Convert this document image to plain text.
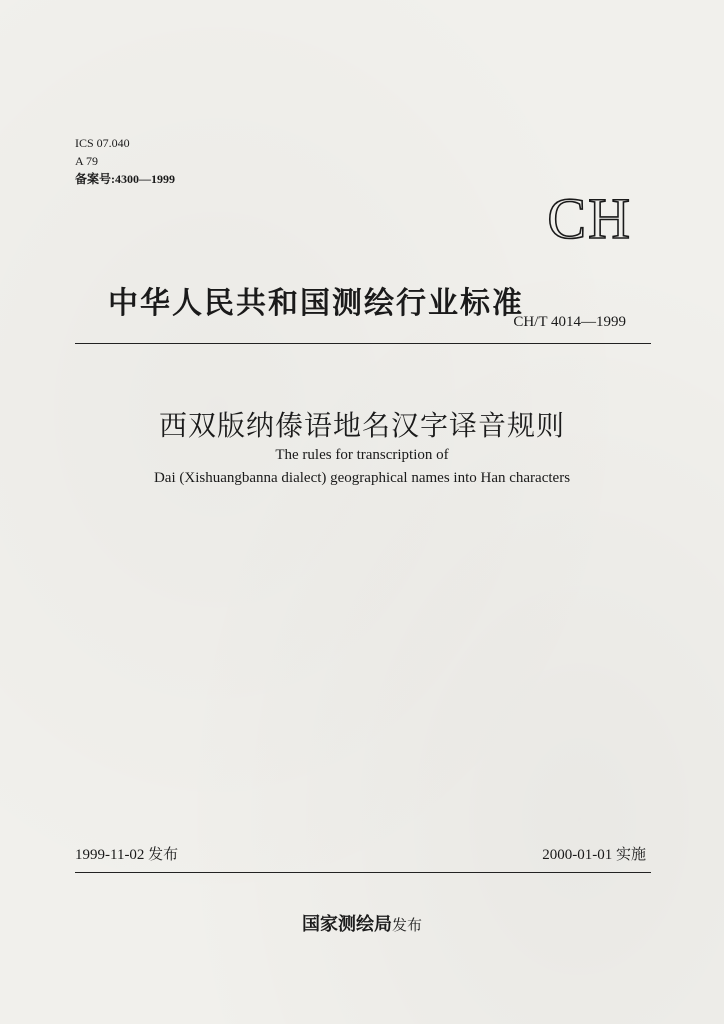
ICS 07.040
A 79
备案号:4300—1999
CH
中华人民共和国测绘行业标准
CH/T 4014—1999
西双版纳傣语地名汉字译音规则
The rules for transcription of
Dai (Xishuangbanna dialect) geographical names into Han characters
1999-11-02 发布	2000-01-01 实施
国家测绘局发布
